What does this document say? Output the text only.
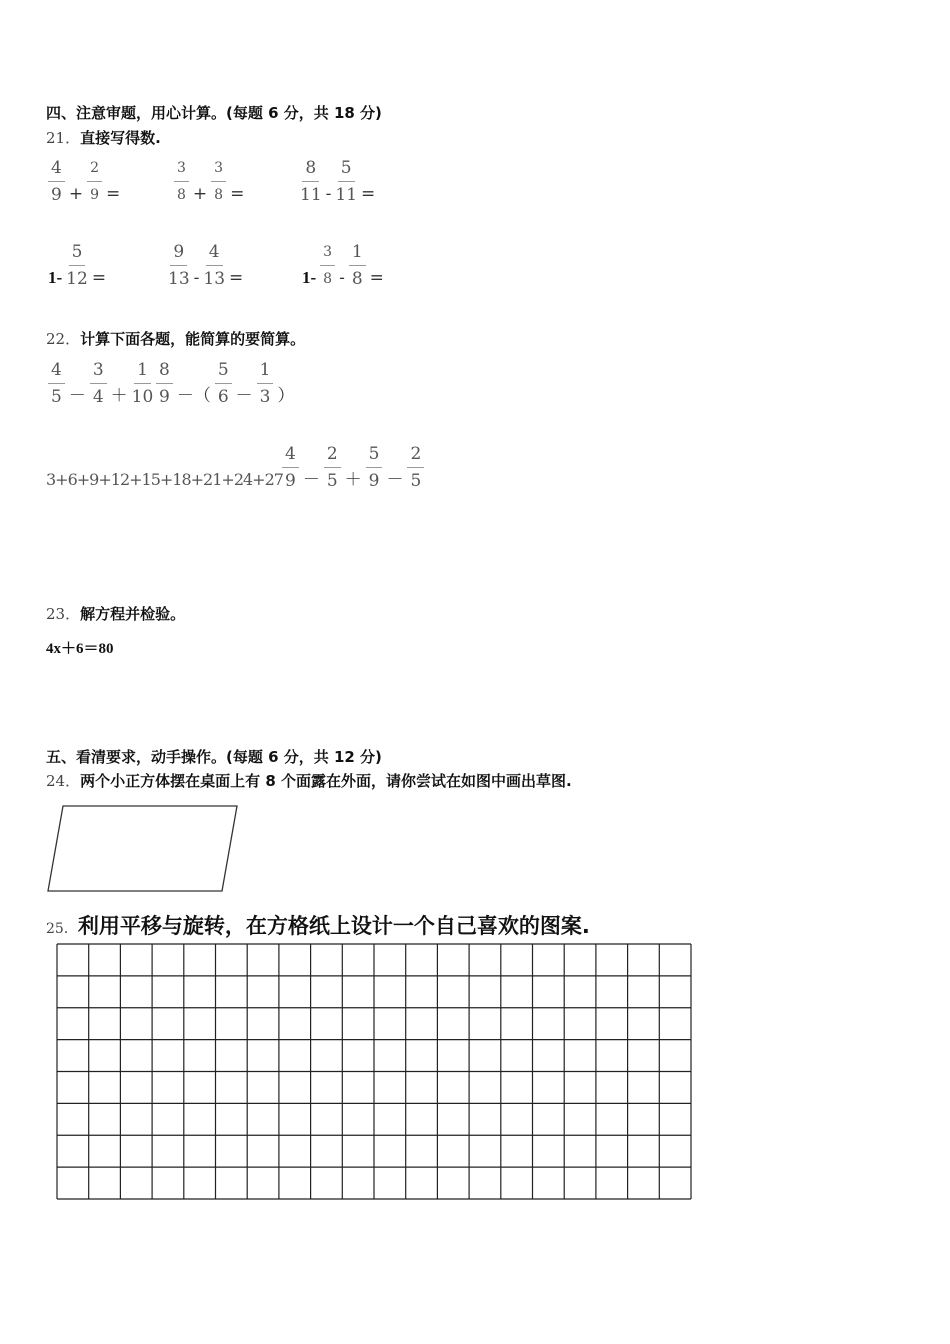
四、注意审题，用心计算。(每题 6 分，共 18 分)
21．直接写得数.
$\frac{4}{9} + \frac{2}{9}$ =	$\frac{3}{8} + \frac{3}{8}$ =	$\frac{8}{11} - \frac{5}{11}$ =
$1- \frac{5}{12}$ =	$\frac{9}{13} - \frac{4}{13}$ =	$1- \frac{3}{8} - \frac{1}{8}$ =
22．计算下面各题，能简算的要简算。
$\frac{4}{5} - \frac{3}{4} + \frac{1}{10} \frac{8}{9}$ －（ $\frac{5}{6} - \frac{1}{3}$ ）
$3+6+9+12+15+18+21+24+27 \frac{4}{9} - \frac{2}{5} + \frac{5}{9} - \frac{2}{5}$
23．解方程并检验。
4x＋6＝80
五、看清要求，动手操作。(每题 6 分，共 12 分)
24．两个小正方体摆在桌面上有 8 个面露在外面，请你尝试在如图中画出草图.
25．利用平移与旋转，在方格纸上设计一个自己喜欢的图案.
